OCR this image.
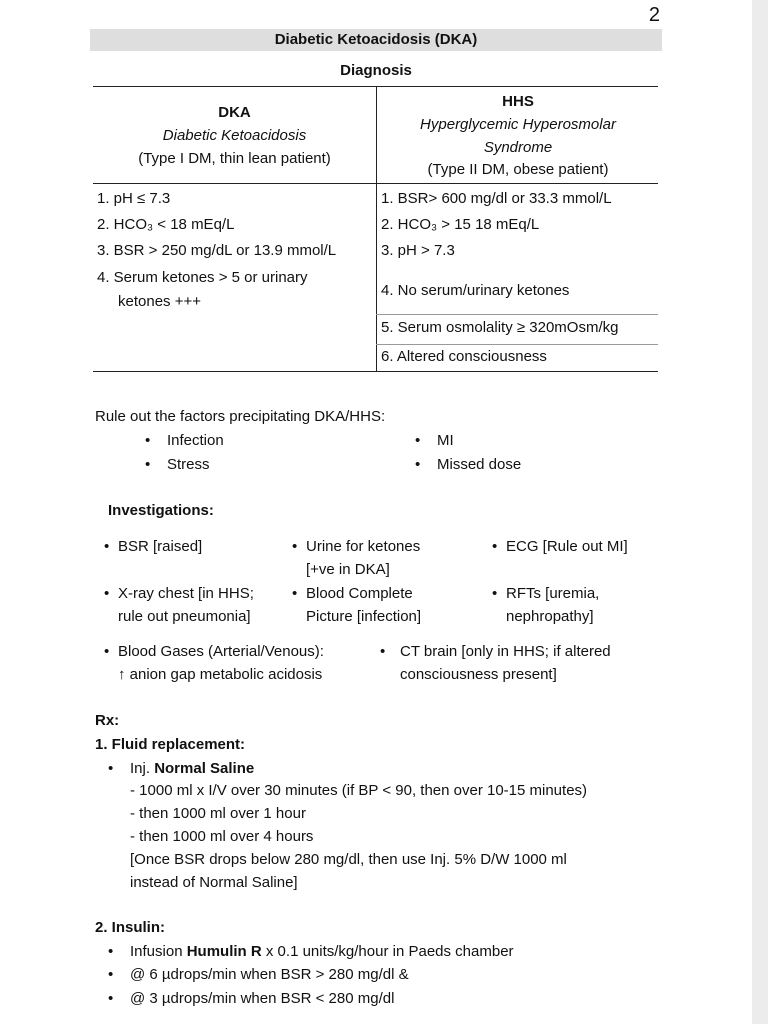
2
Diabetic Ketoacidosis (DKA)
Diagnosis
DKA
Diabetic Ketoacidosis
(Type I DM, thin lean patient)
HHS
Hyperglycemic Hyperosmolar
Syndrome
(Type II DM, obese patient)
1. pH ≤ 7.3
2. HCO₃ < 18 mEq/L
3. BSR > 250 mg/dL or 13.9 mmol/L
4. Serum ketones > 5 or urinary
ketones +++
1. BSR> 600 mg/dl or 33.3 mmol/L
2. HCO₃ > 15 18 mEq/L
3. pH > 7.3
4. No serum/urinary ketones
5. Serum osmolality ≥ 320mOsm/kg
6. Altered consciousness
Rule out the factors precipitating DKA/HHS:
• Infection
• Stress
• MI
• Missed dose
Investigations:
• BSR [raised]	• Urine for ketones
[+ve in DKA]
• ECG [Rule out MI]
• X-ray chest [in HHS;
rule out pneumonia]
• Blood Complete
Picture [infection]
• RFTs [uremia,
nephropathy]
• Blood Gases (Arterial/Venous):
↑ anion gap metabolic acidosis
• CT brain [only in HHS; if altered
consciousness present]
Rx:
1. Fluid replacement:
• Inj. Normal Saline
- 1000 ml x I/V over 30 minutes (if BP < 90, then over 10-15 minutes)
- then 1000 ml over 1 hour
- then 1000 ml over 4 hours
[Once BSR drops below 280 mg/dl, then use Inj. 5% D/W 1000 ml
instead of Normal Saline]
2. Insulin:
• Infusion Humulin R x 0.1 units/kg/hour in Paeds chamber
• @ 6 µdrops/min when BSR > 280 mg/dl &
• @ 3 µdrops/min when BSR < 280 mg/dl
